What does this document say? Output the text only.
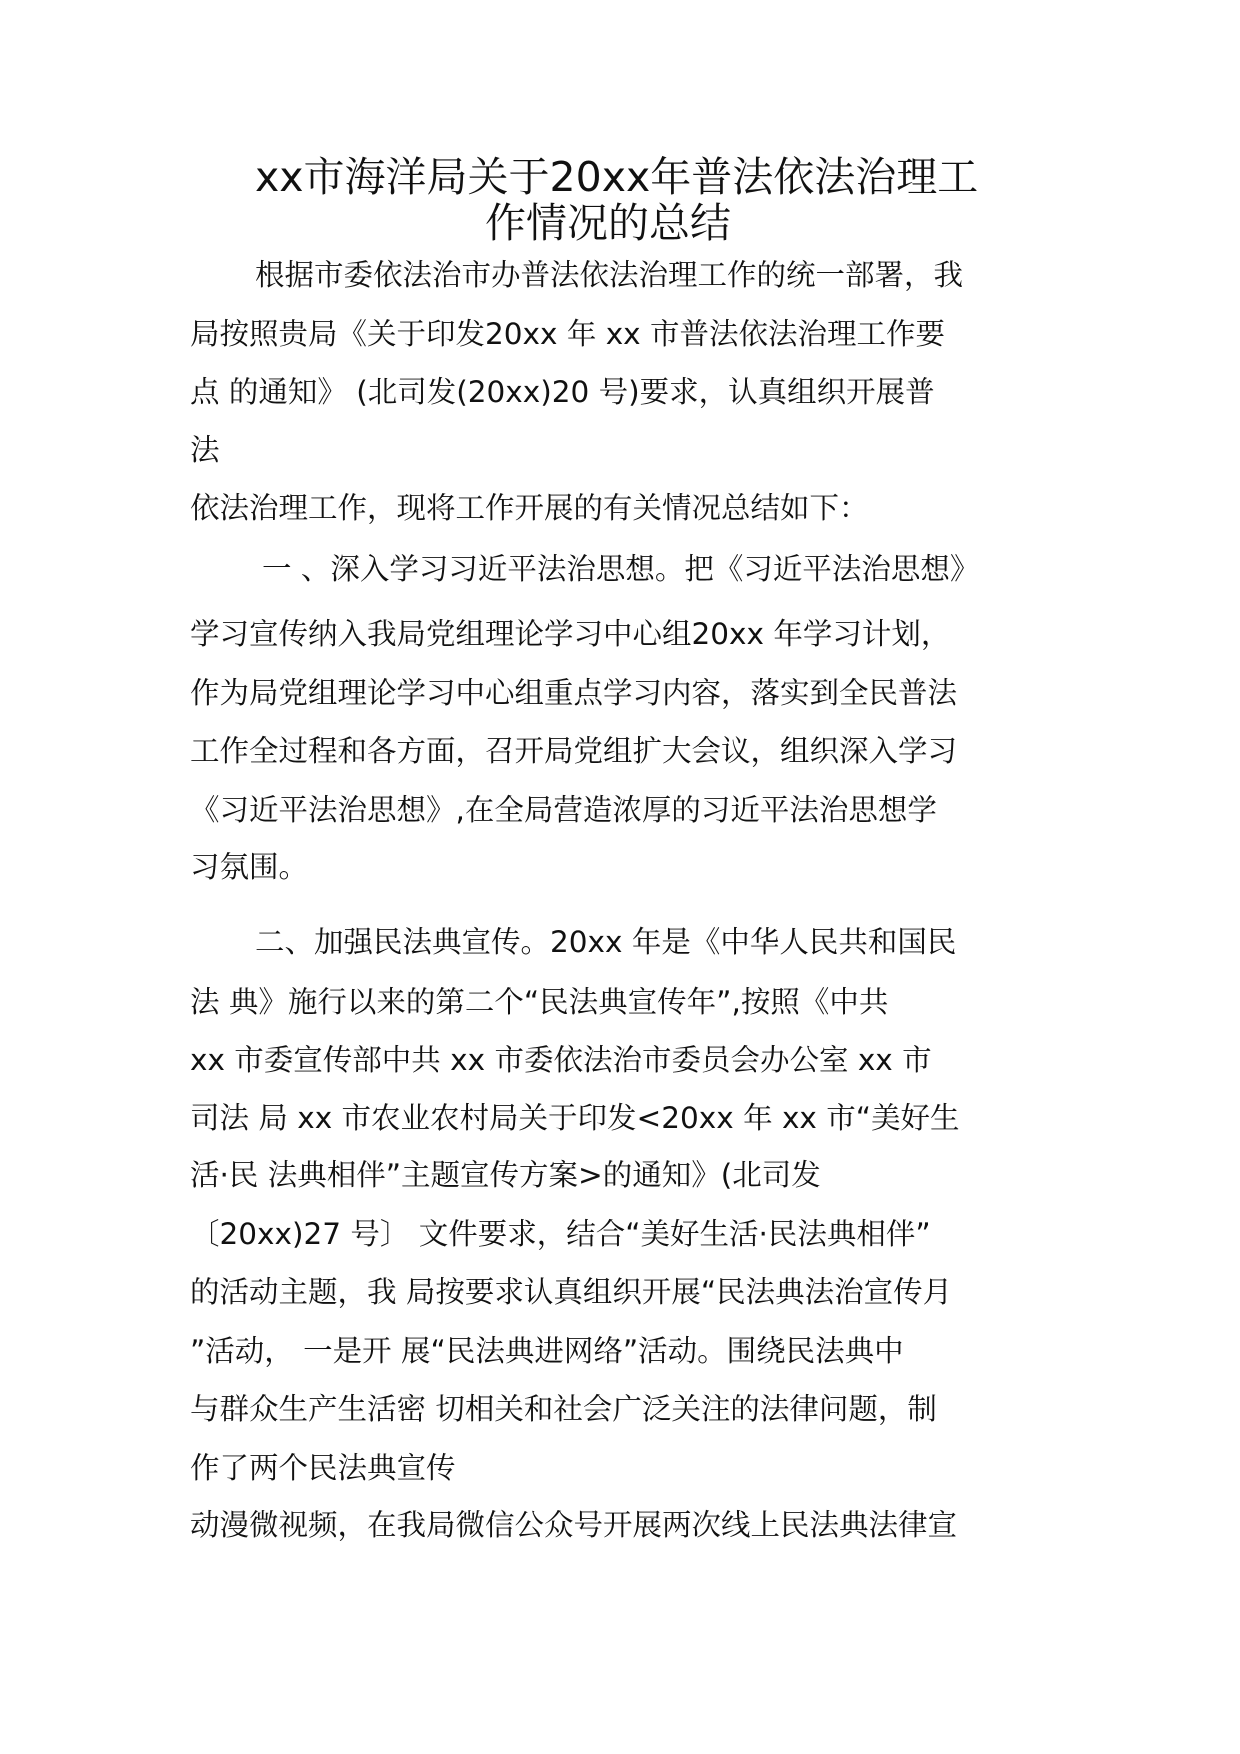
xx市海洋局关于20xx年普法依法治理工
作情况的总结
根据市委依法治市办普法依法治理工作的统一部署，我
局按照贵局《关于印发20xx 年 xx 市普法依法治理工作要
点 的通知》 (北司发(20xx)20 号)要求，认真组织开展普
法
依法治理工作，现将工作开展的有关情况总结如下：
一 、深入学习习近平法治思想。把《习近平法治思想》
学习宣传纳入我局党组理论学习中心组20xx 年学习计划，
作为局党组理论学习中心组重点学习内容，落实到全民普法
工作全过程和各方面，召开局党组扩大会议，组织深入学习
《习近平法治思想》,在全局营造浓厚的习近平法治思想学
习氛围。
二、加强民法典宣传。20xx 年是《中华人民共和国民
法 典》施行以来的第二个“民法典宣传年”,按照《中共
xx 市委宣传部中共 xx 市委依法治市委员会办公室 xx 市
司法 局 xx 市农业农村局关于印发<20xx 年 xx 市“美好生
活·民 法典相伴”主题宣传方案>的通知》(北司发
〔20xx)27 号〕 文件要求，结合“美好生活·民法典相伴”
的活动主题，我 局按要求认真组织开展“民法典法治宣传月
”活动， 一是开 展“民法典进网络”活动。围绕民法典中
与群众生产生活密 切相关和社会广泛关注的法律问题，制
作了两个民法典宣传
动漫微视频，在我局微信公众号开展两次线上民法典法律宣
